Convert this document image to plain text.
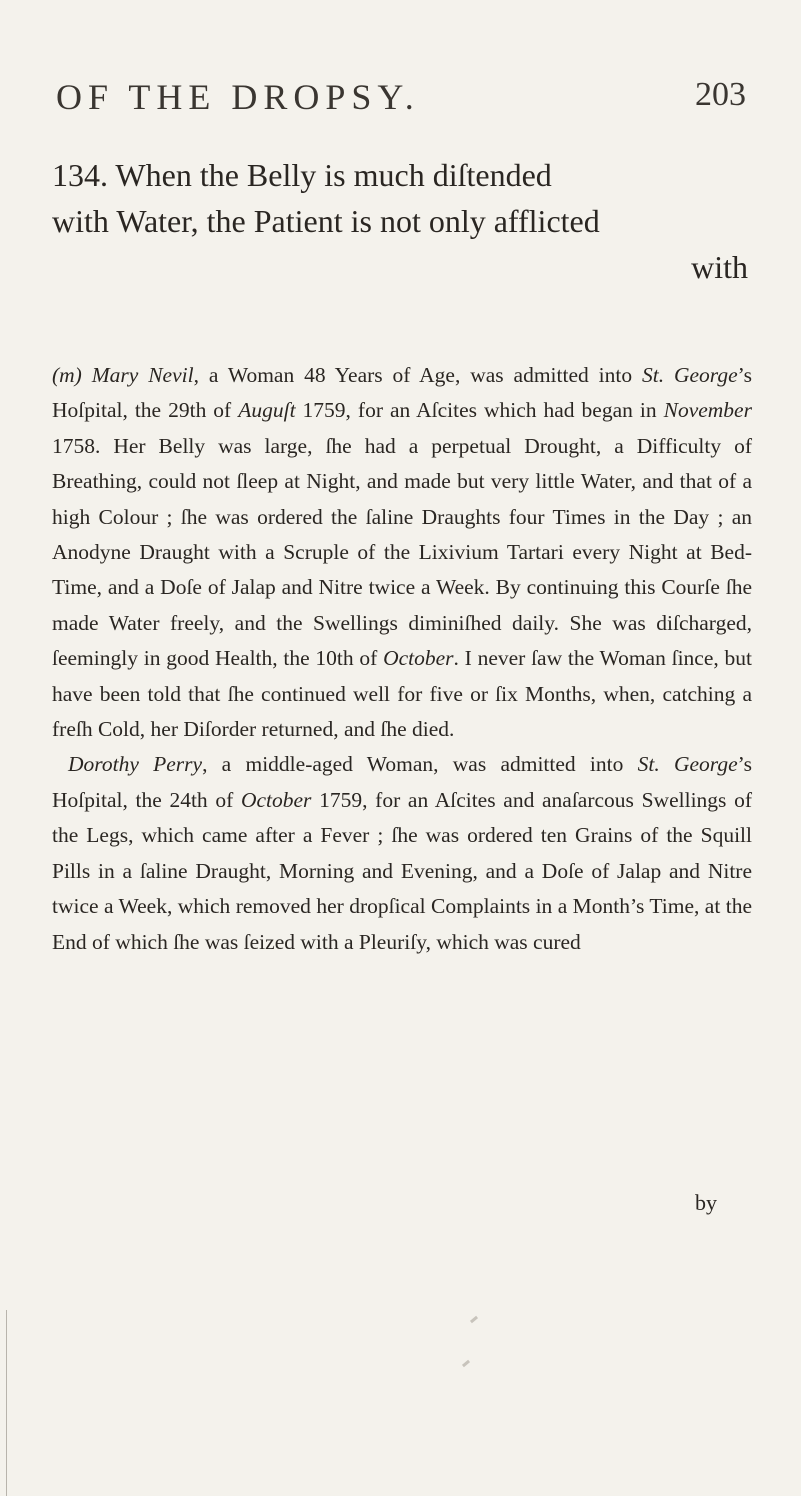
OF THE DROPSY.	203
134. When the Belly is much diſtended
with Water, the Patient is not only afflicted
with

(m) Mary Nevil, a Woman 48 Years of Age, was admitted into St. George’s Hoſpital, the 29th of Auguſt 1759, for an Aſcites which had began in November 1758. Her Belly was large, ſhe had a perpetual Drought, a Difficulty of Breathing, could not ſleep at Night, and made but very little Water, and that of a high Colour ; ſhe was ordered the ſaline Draughts four Times in the Day ; an Anodyne Draught with a Scruple of the Lixivium Tartari every Night at Bed-Time, and a Doſe of Jalap and Nitre twice a Week. By continuing this Courſe ſhe made Water freely, and the Swellings diminiſhed daily. She was diſcharged, ſeemingly in good Health, the 10th of October. I never ſaw the Woman ſince, but have been told that ſhe continued well for five or ſix Months, when, catching a freſh Cold, her Diſorder returned, and ſhe died.

Dorothy Perry, a middle-aged Woman, was admitted into St. George’s Hoſpital, the 24th of October 1759, for an Aſcites and anaſarcous Swellings of the Legs, which came after a Fever ; ſhe was ordered ten Grains of the Squill Pills in a ſaline Draught, Morning and Evening, and a Doſe of Jalap and Nitre twice a Week, which removed her dropſical Complaints in a Month’s Time, at the End of which ſhe was ſeized with a Pleuriſy, which was cured

by
